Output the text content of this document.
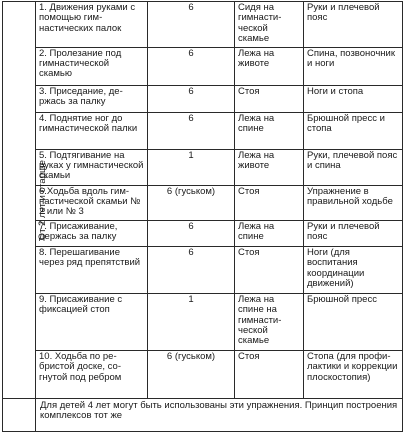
От 2 лет и старше	1. Движения руками с помощью гимнастических палок	6	Сидя на гимнастической скамье	Руки и плечевой пояс
	2. Пролезание под гимнастической скамью	6	Лежа на животе	Спина, позвоночник и ноги
	3. Приседание, держась за палку	6	Стоя	Ноги и стопа
	4. Поднятие ног до гимнастической палки	6	Лежа на спине	Брюшной пресс и стопа
	5. Подтягивание на руках у гимнастической скамьи	1	Лежа на животе	Руки, плечевой пояс и спина
	6.Ходьба вдоль гимнастической скамьи № 2 или № 3	6 (гуськом)	Стоя	Упражнение в правильной ходьбе
	7. Присаживание, держась за палку	6	Лежа на спине	Руки и плечевой пояс
	8. Перешагивание через ряд препятствий	6	Стоя	Ноги (для воспитания координации движений)
	9. Присаживание с фиксацией стоп	1	Лежа на спине на гимнастической скамье	Брюшной пресс
	10. Ходьба по ребристой доске, согнутой под ребром	6 (гуськом)	Стоя	Стопа (для профилактики и коррекции плоскостопия)
	Для детей 4 лет могут быть использованы эти упражнения. Принцип построения комплексов тот же			
